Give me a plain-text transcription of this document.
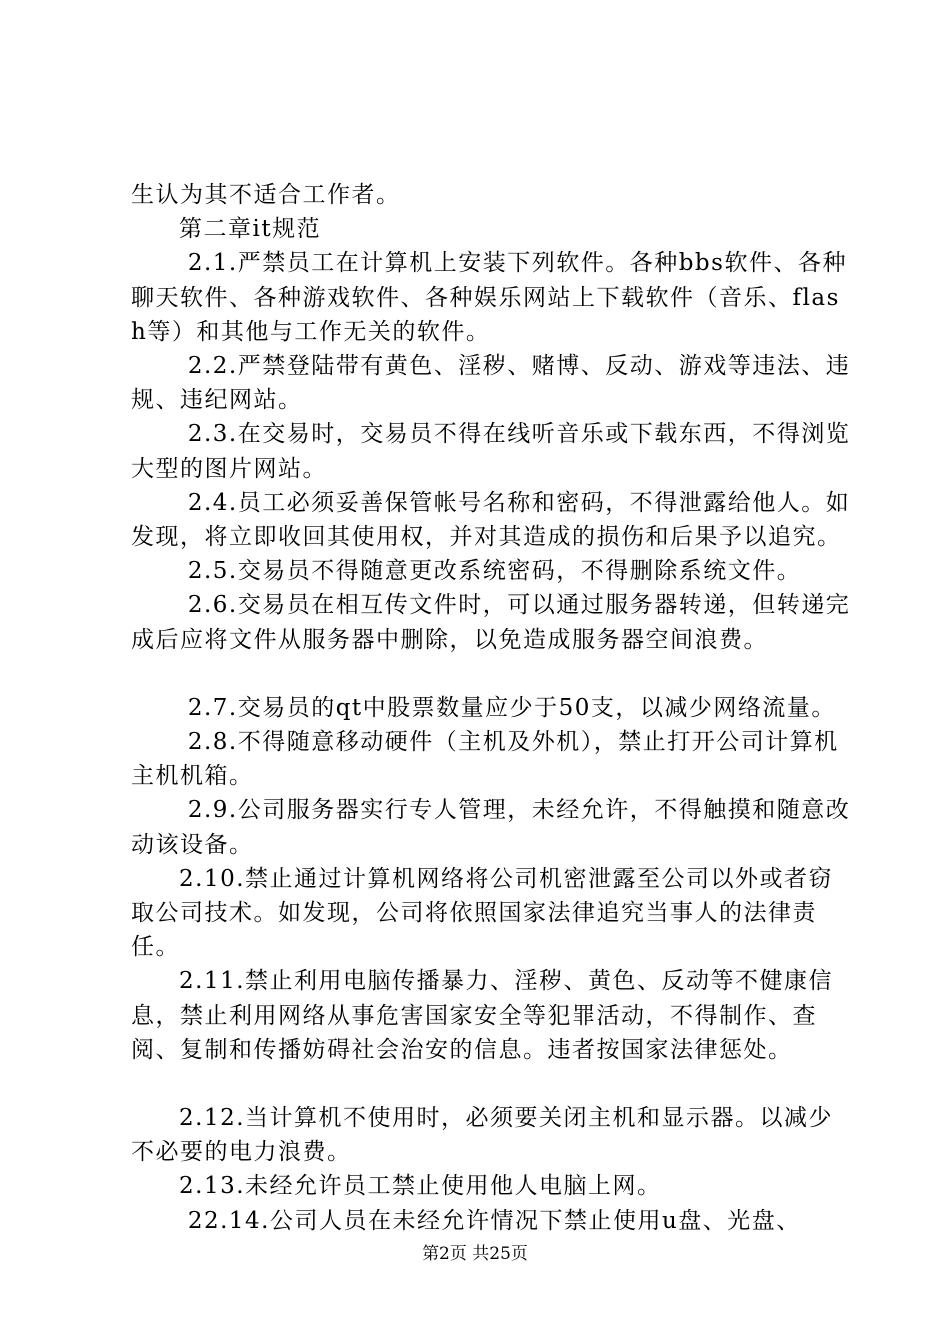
生认为其不适合工作者。

第二章it规范

2.1.严禁员工在计算机上安装下列软件。各种bbs软件、各种聊天软件、各种游戏软件、各种娱乐网站上下载软件（音乐、flash等）和其他与工作无关的软件。

2.2.严禁登陆带有黄色、淫秽、赌博、反动、游戏等违法、违规、违纪网站。

2.3.在交易时，交易员不得在线听音乐或下载东西，不得浏览大型的图片网站。

2.4.员工必须妥善保管帐号名称和密码，不得泄露给他人。如发现，将立即收回其使用权，并对其造成的损伤和后果予以追究。

2.5.交易员不得随意更改系统密码，不得删除系统文件。

2.6.交易员在相互传文件时，可以通过服务器转递，但转递完成后应将文件从服务器中删除，以免造成服务器空间浪费。

2.7.交易员的qt中股票数量应少于50支，以减少网络流量。

2.8.不得随意移动硬件（主机及外机），禁止打开公司计算机主机机箱。

2.9.公司服务器实行专人管理，未经允许，不得触摸和随意改动该设备。

2.10.禁止通过计算机网络将公司机密泄露至公司以外或者窃取公司技术。如发现，公司将依照国家法律追究当事人的法律责任。

2.11.禁止利用电脑传播暴力、淫秽、黄色、反动等不健康信息，禁止利用网络从事危害国家安全等犯罪活动，不得制作、查阅、复制和传播妨碍社会治安的信息。违者按国家法律惩处。

2.12.当计算机不使用时，必须要关闭主机和显示器。以减少不必要的电力浪费。

2.13.未经允许员工禁止使用他人电脑上网。

22.14.公司人员在未经允许情况下禁止使用u盘、光盘、

第2页 共25页
